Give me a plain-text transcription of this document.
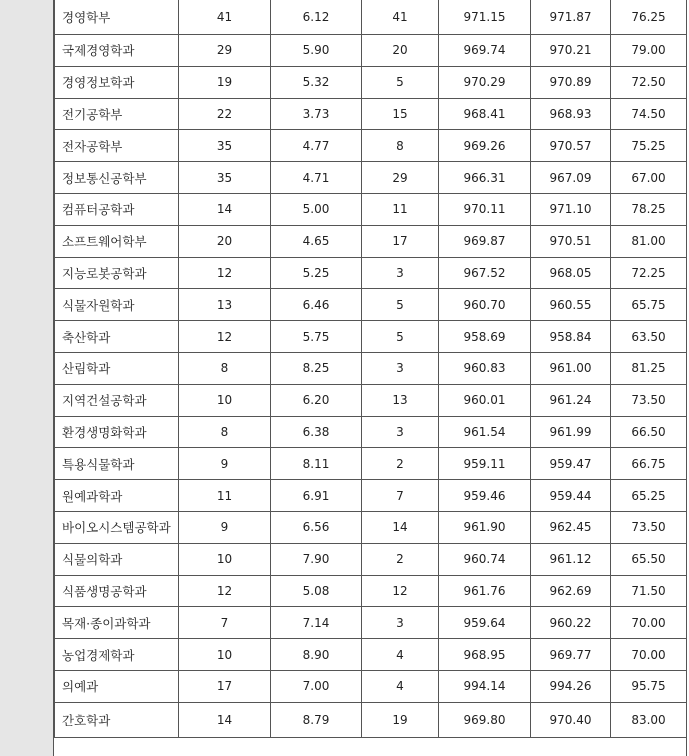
경영학부	41	6.12	41	971.15	971.87	76.25
국제경영학과	29	5.90	20	969.74	970.21	79.00
경영정보학과	19	5.32	5	970.29	970.89	72.50
전기공학부	22	3.73	15	968.41	968.93	74.50
전자공학부	35	4.77	8	969.26	970.57	75.25
정보통신공학부	35	4.71	29	966.31	967.09	67.00
컴퓨터공학과	14	5.00	11	970.11	971.10	78.25
소프트웨어학부	20	4.65	17	969.87	970.51	81.00
지능로봇공학과	12	5.25	3	967.52	968.05	72.25
식물자원학과	13	6.46	5	960.70	960.55	65.75
축산학과	12	5.75	5	958.69	958.84	63.50
산림학과	8	8.25	3	960.83	961.00	81.25
지역건설공학과	10	6.20	13	960.01	961.24	73.50
환경생명화학과	8	6.38	3	961.54	961.99	66.50
특용식물학과	9	8.11	2	959.11	959.47	66.75
원예과학과	11	6.91	7	959.46	959.44	65.25
바이오시스템공학과	9	6.56	14	961.90	962.45	73.50
식물의학과	10	7.90	2	960.74	961.12	65.50
식품생명공학과	12	5.08	12	961.76	962.69	71.50
목재·종이과학과	7	7.14	3	959.64	960.22	70.00
농업경제학과	10	8.90	4	968.95	969.77	70.00
의예과	17	7.00	4	994.14	994.26	95.75
간호학과	14	8.79	19	969.80	970.40	83.00
